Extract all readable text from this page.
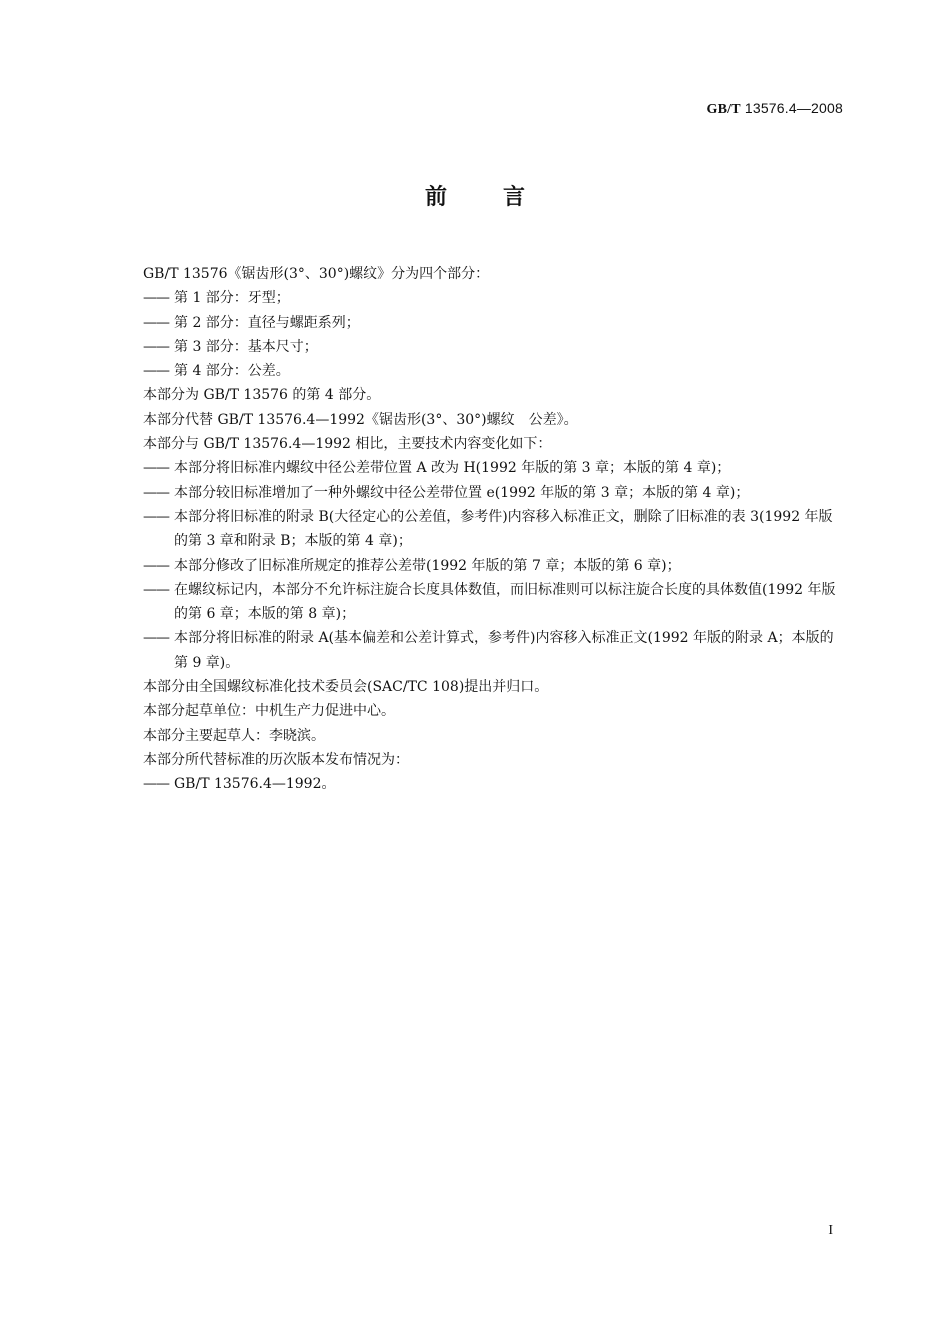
GB/T 13576.4—2008
前言

GB/T 13576《锯齿形(3°、30°)螺纹》分为四个部分：

—— 第 1 部分：牙型；

—— 第 2 部分：直径与螺距系列；

—— 第 3 部分：基本尺寸；

—— 第 4 部分：公差。

本部分为 GB/T 13576 的第 4 部分。

本部分代替 GB/T 13576.4—1992《锯齿形(3°、30°)螺纹　公差》。

本部分与 GB/T 13576.4—1992 相比，主要技术内容变化如下：

—— 本部分将旧标准内螺纹中径公差带位置 A 改为 H(1992 年版的第 3 章；本版的第 4 章)；

—— 本部分较旧标准增加了一种外螺纹中径公差带位置 e(1992 年版的第 3 章；本版的第 4 章)；

—— 本部分将旧标准的附录 B(大径定心的公差值，参考件)内容移入标准正文，删除了旧标准的表 3(1992 年版的第 3 章和附录 B；本版的第 4 章)；

—— 本部分修改了旧标准所规定的推荐公差带(1992 年版的第 7 章；本版的第 6 章)；

—— 在螺纹标记内，本部分不允许标注旋合长度具体数值，而旧标准则可以标注旋合长度的具体数值(1992 年版的第 6 章；本版的第 8 章)；

—— 本部分将旧标准的附录 A(基本偏差和公差计算式，参考件)内容移入标准正文(1992 年版的附录 A；本版的第 9 章)。

本部分由全国螺纹标准化技术委员会(SAC/TC 108)提出并归口。

本部分起草单位：中机生产力促进中心。

本部分主要起草人：李晓滨。

本部分所代替标准的历次版本发布情况为：

—— GB/T 13576.4—1992。

I
